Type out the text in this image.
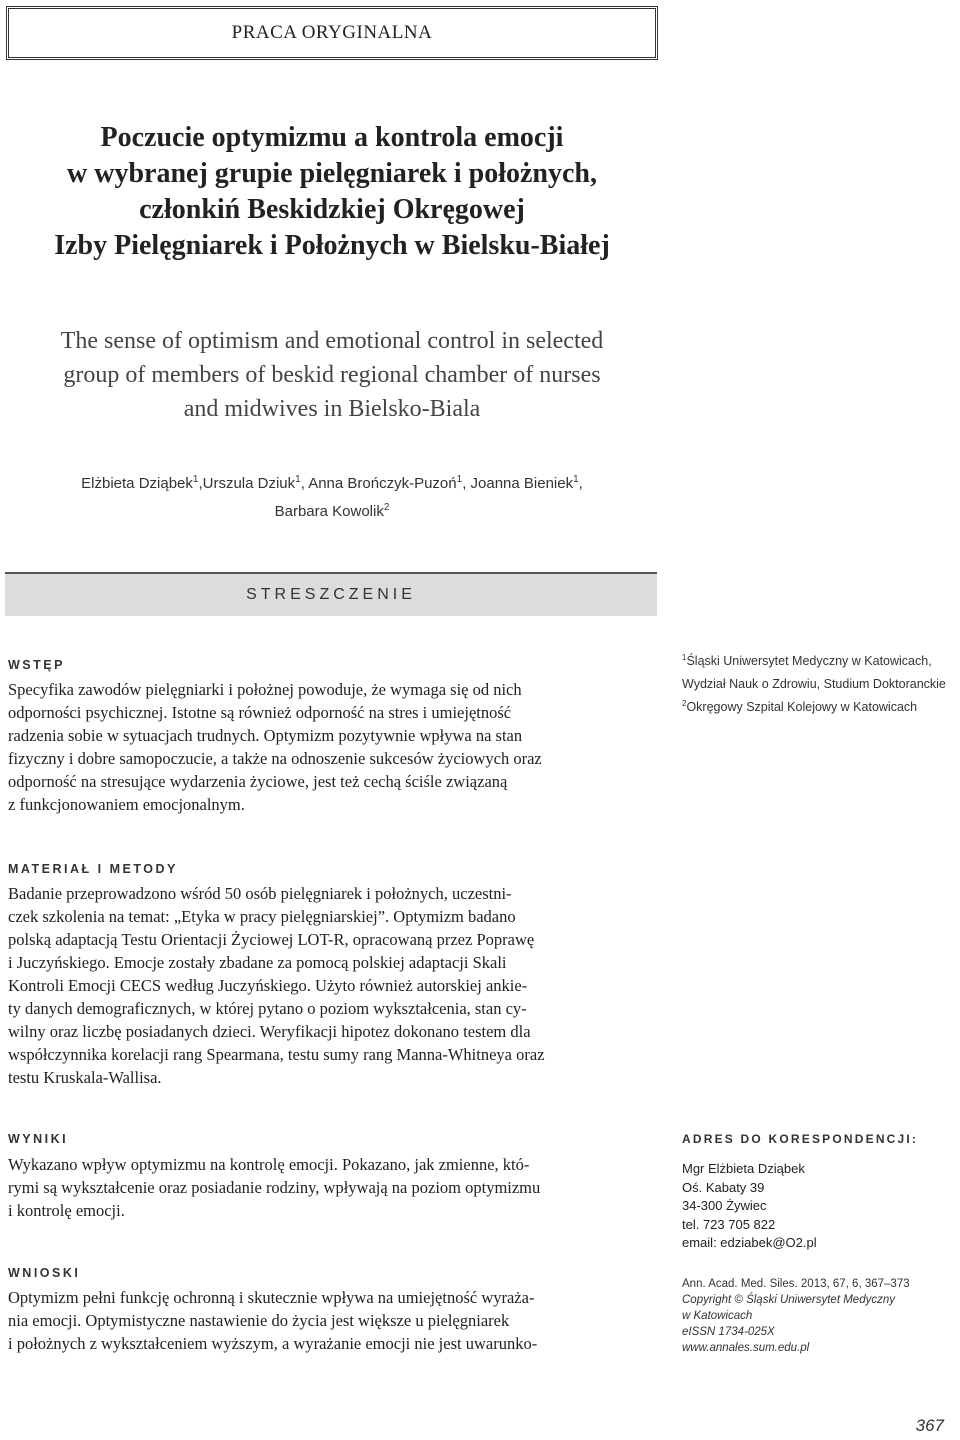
PRACA ORYGINALNA
Poczucie optymizmu a kontrola emocji
w wybranej grupie pielęgniarek i położnych,
członkiń Beskidzkiej Okręgowej
Izby Pielęgniarek i Położnych w Bielsku-Białej
The sense of optimism and emotional control in selected
group of members of beskid regional chamber of nurses
and midwives in Bielsko-Biala
Elżbieta Dziąbek$^1$,Urszula Dziuk$^1$, Anna Brończyk-Puzoń$^1$, Joanna Bieniek$^1$,
Barbara Kowolik$^2$
STRESZCZENIE
WSTĘP
Specyfika zawodów pielęgniarki i położnej powoduje, że wymaga się od nich
odporności psychicznej. Istotne są również odporność na stres i umiejętność
radzenia sobie w sytuacjach trudnych. Optymizm pozytywnie wpływa na stan
fizyczny i dobre samopoczucie, a także na odnoszenie sukcesów życiowych oraz
odporność na stresujące wydarzenia życiowe, jest też cechą ściśle związaną
z funkcjonowaniem emocjonalnym.
$^1$Śląski Uniwersytet Medyczny w Katowicach,
Wydział Nauk o Zdrowiu, Studium Doktoranckie
$^2$Okręgowy Szpital Kolejowy w Katowicach
MATERIAŁ I METODY
Badanie przeprowadzono wśród 50 osób pielęgniarek i położnych, uczestni-
czek szkolenia na temat: „Etyka w pracy pielęgniarskiej”. Optymizm badano
polską adaptacją Testu Orientacji Życiowej LOT-R, opracowaną przez Poprawę
i Juczyńskiego. Emocje zostały zbadane za pomocą polskiej adaptacji Skali
Kontroli Emocji CECS według Juczyńskiego. Użyto również autorskiej ankie-
ty danych demograficznych, w której pytano o poziom wykształcenia, stan cy-
wilny oraz liczbę posiadanych dzieci. Weryfikacji hipotez dokonano testem dla
współczynnika korelacji rang Spearmana, testu sumy rang Manna-Whitneya oraz
testu Kruskala-Wallisa.
WYNIKI
Wykazano wpływ optymizmu na kontrolę emocji. Pokazano, jak zmienne, któ-
rymi są wykształcenie oraz posiadanie rodziny, wpływają na poziom optymizmu
i kontrolę emocji.
WNIOSKI
Optymizm pełni funkcję ochronną i skutecznie wpływa na umiejętność wyraża-
nia emocji. Optymistyczne nastawienie do życia jest większe u pielęgniarek
i położnych z wykształceniem wyższym, a wyrażanie emocji nie jest uwarunko-
ADRES DO KORESPONDENCJI:
Mgr Elżbieta Dziąbek
Oś. Kabaty 39
34-300 Żywiec
tel. 723 705 822
email: edziabek@O2.pl
Ann. Acad. Med. Siles. 2013, 67, 6, 367–373
Copyright © Śląski Uniwersytet Medyczny
w Katowicach
eISSN 1734-025X
www.annales.sum.edu.pl
367
